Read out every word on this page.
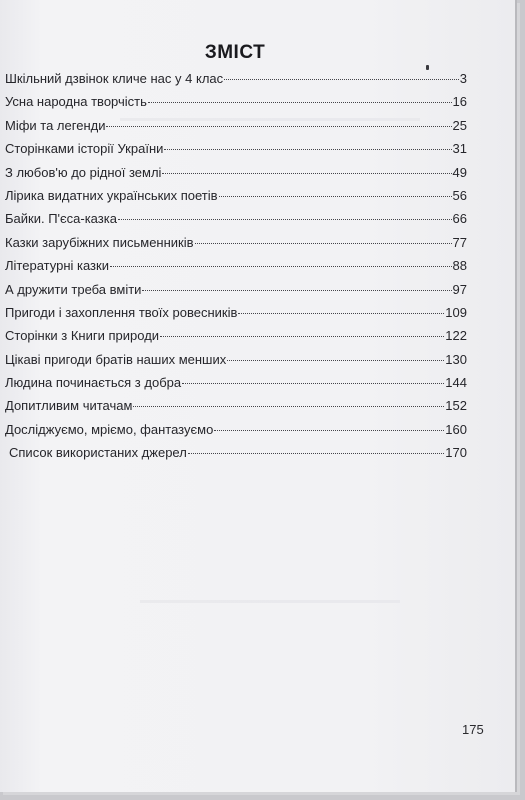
ЗМІСТ
Шкільний дзвінок кличе нас у 4 клас	3
Усна народна творчість	16
Міфи та легенди	25
Сторінками історії України	31
З любов'ю до рідної землі	49
Лірика видатних українських поетів	56
Байки. П'єса-казка	66
Казки зарубіжних письменників	77
Літературні казки	88
А дружити треба вміти	97
Пригоди і захоплення твоїх ровесників	109
Сторінки з Книги природи	122
Цікаві пригоди братів наших менших	130
Людина починається з добра	144
Допитливим читачам	152
Досліджуємо, мріємо, фантазуємо	160
Список використаних джерел	170
175
